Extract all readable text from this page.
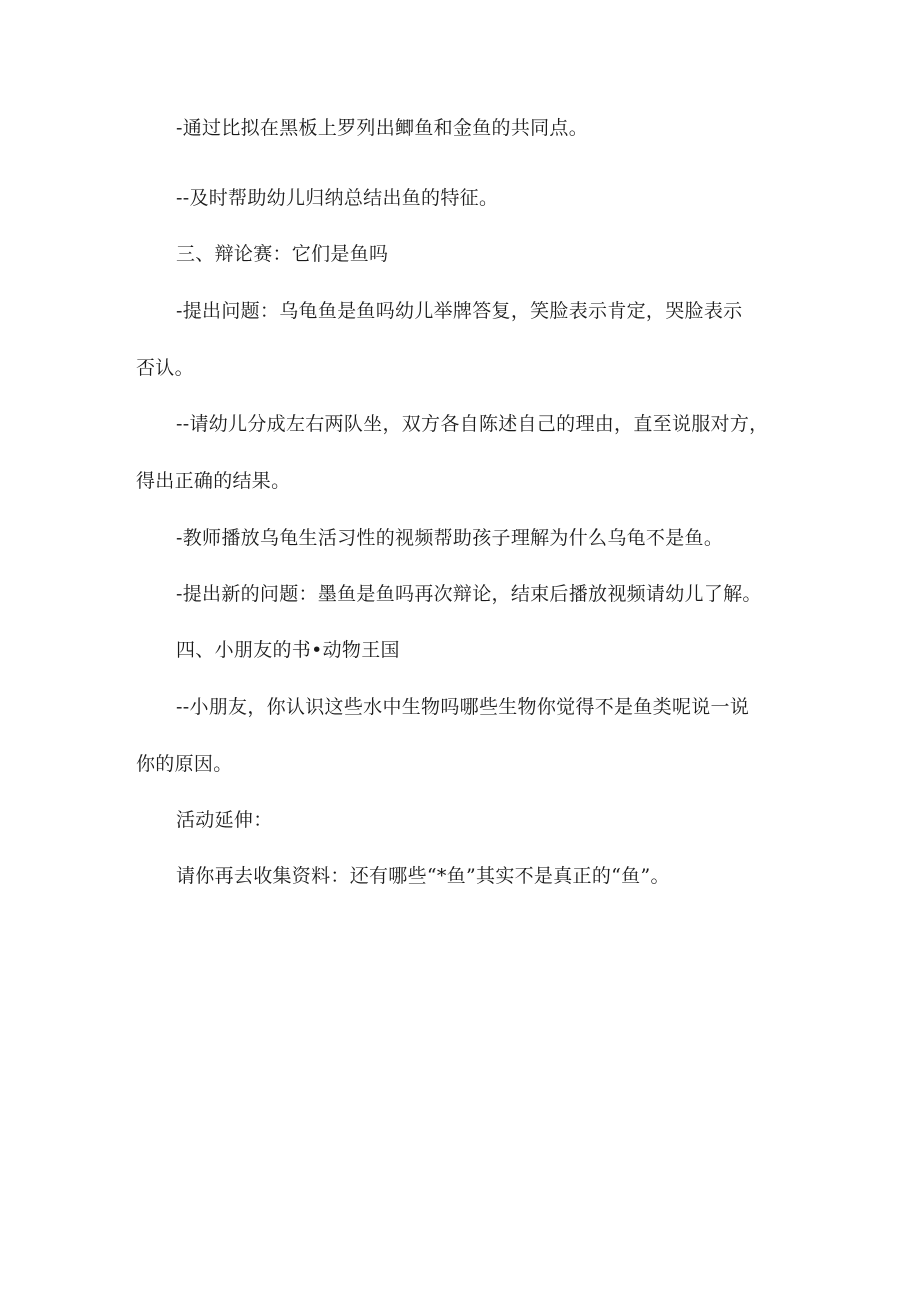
-通过比拟在黑板上罗列出鲫鱼和金鱼的共同点。
--及时帮助幼儿归纳总结出鱼的特征。
三、辩论赛：它们是鱼吗
-提出问题：乌龟鱼是鱼吗幼儿举牌答复，笑脸表示肯定，哭脸表示
否认。
--请幼儿分成左右两队坐，双方各自陈述自己的理由，直至说服对方，
得出正确的结果。
-教师播放乌龟生活习性的视频帮助孩子理解为什么乌龟不是鱼。
-提出新的问题：墨鱼是鱼吗再次辩论，结束后播放视频请幼儿了解。
四、小朋友的书•动物王国
--小朋友，你认识这些水中生物吗哪些生物你觉得不是鱼类呢说一说
你的原因。
活动延伸：
请你再去收集资料：还有哪些“*鱼”其实不是真正的“鱼”。
